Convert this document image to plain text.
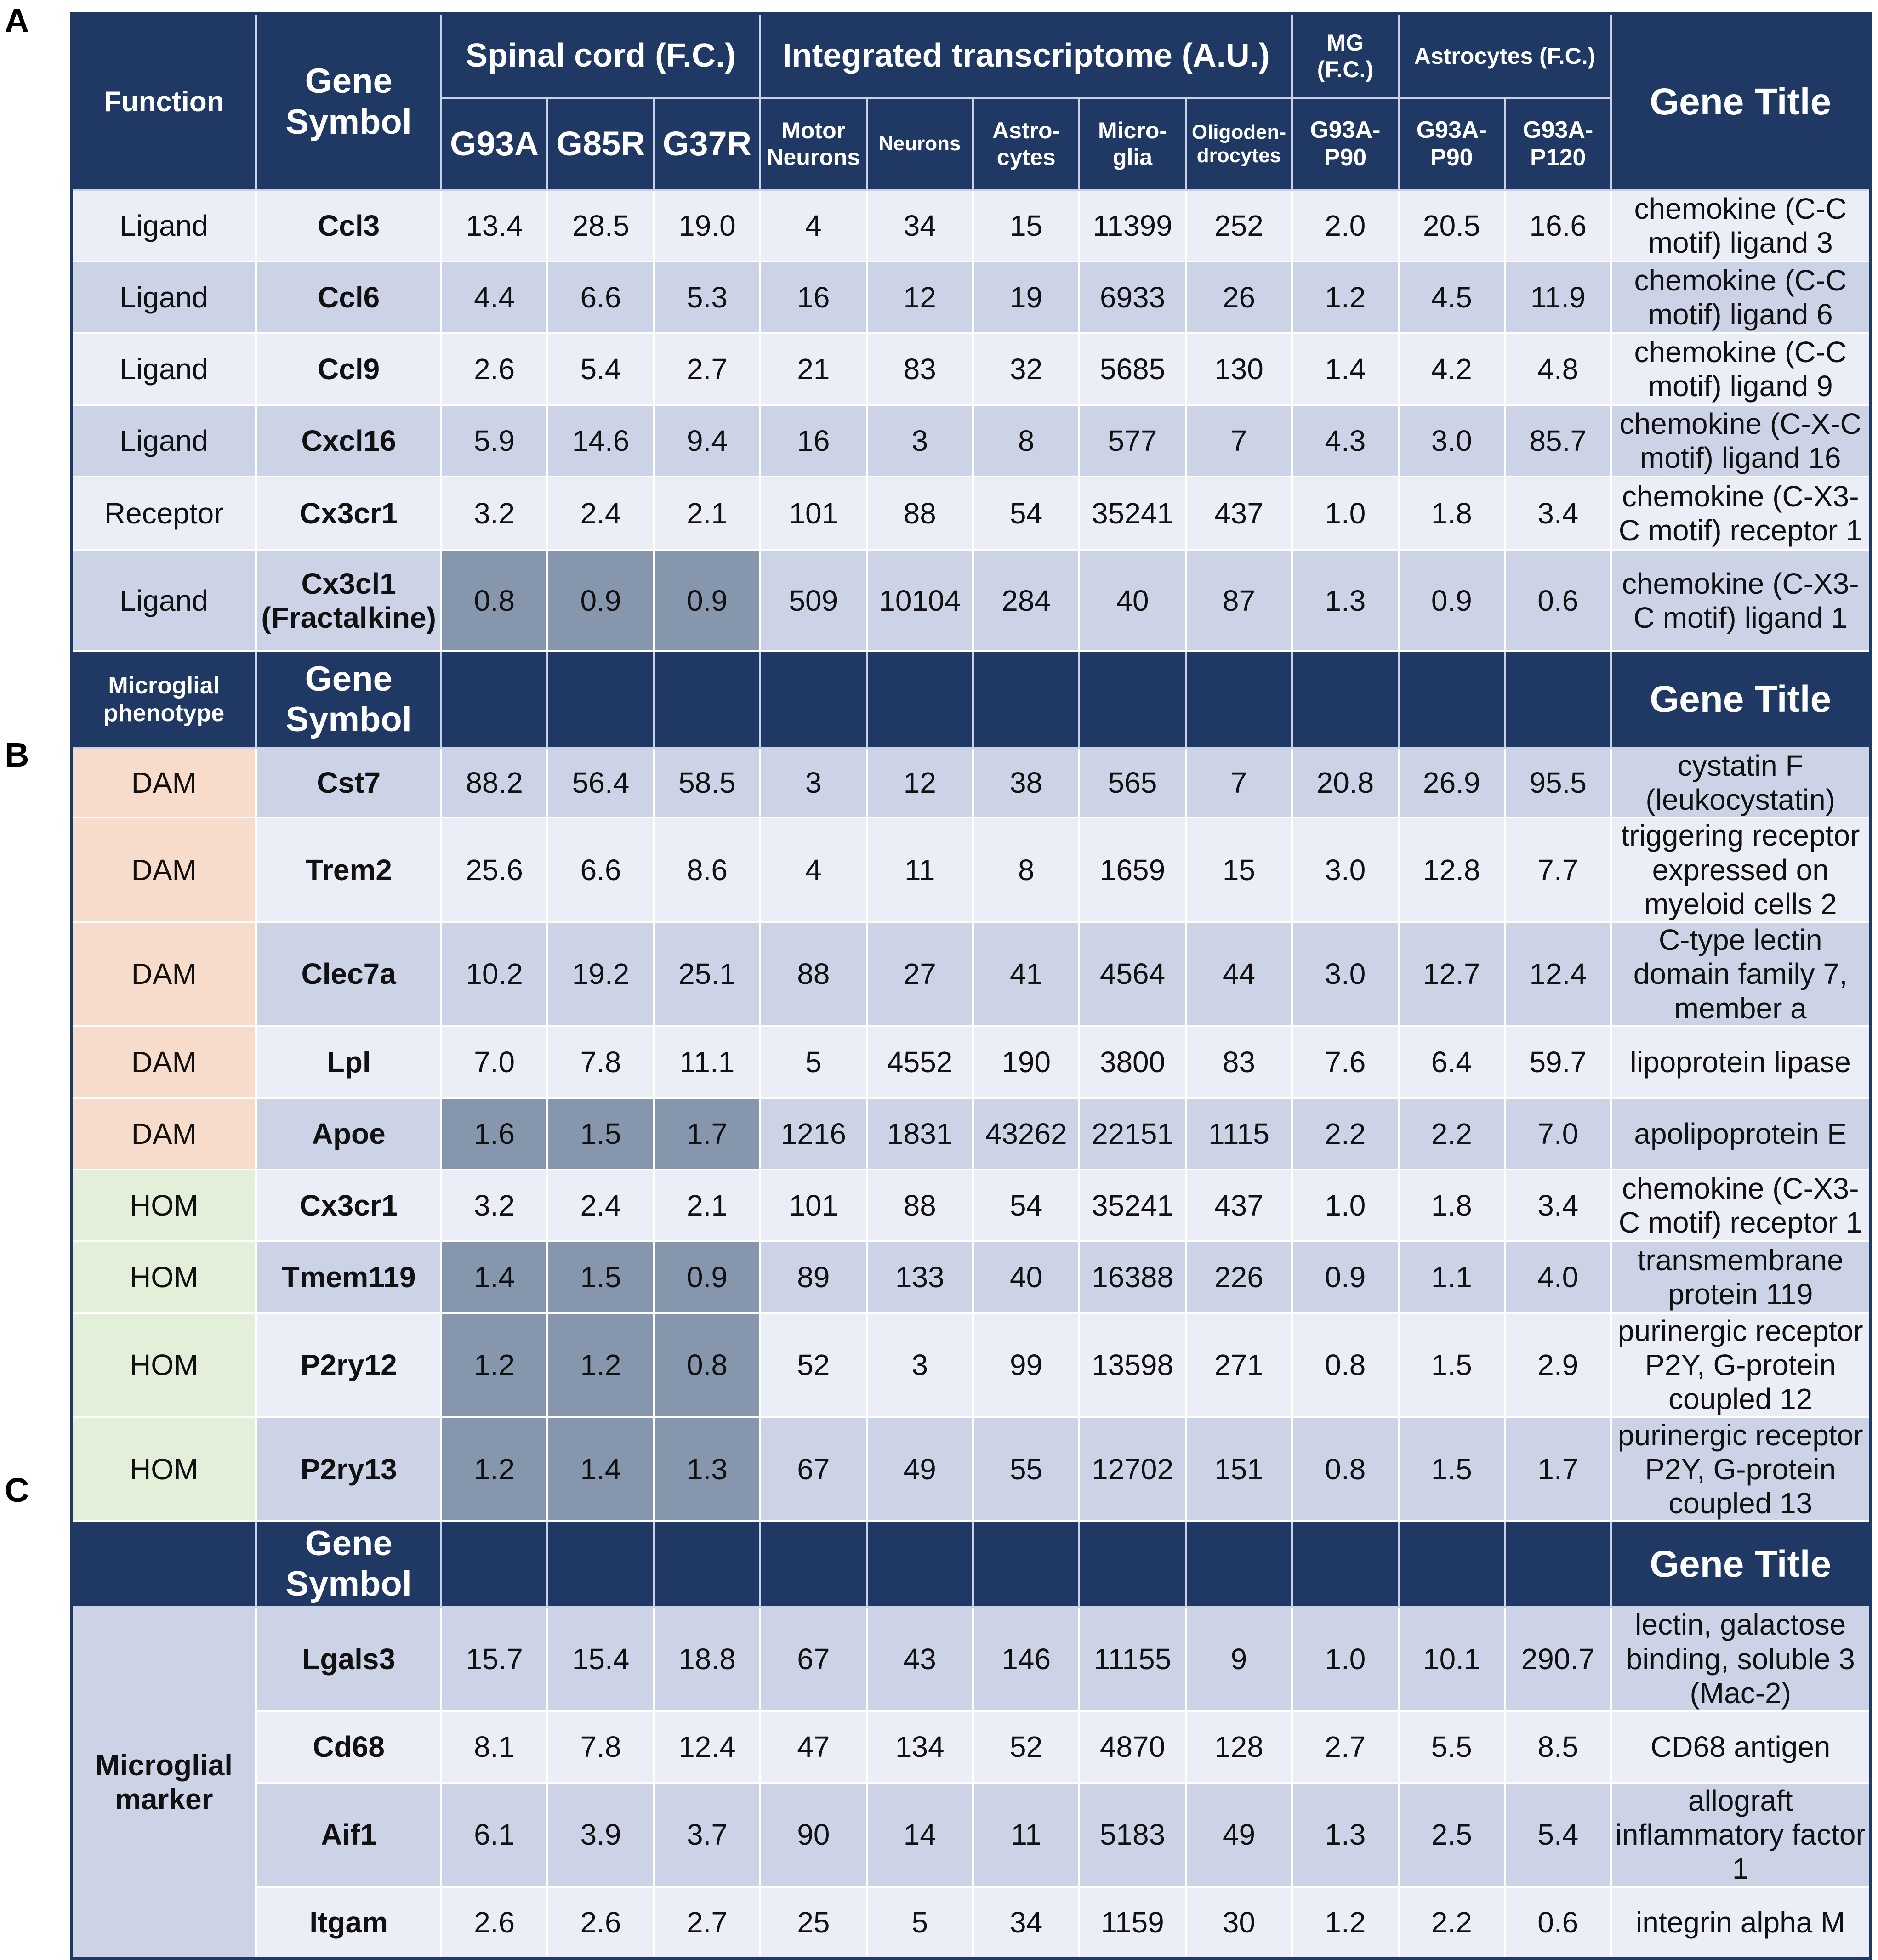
A
B
C
Function	Gene Symbol	Spinal cord (F.C.)			Integrated transcriptome (A.U.)					MG (F.C.)	Astrocytes (F.C.)		Gene Title
		G93A	G85R	G37R	Motor Neurons	Neurons	Astro-cytes	Micro-glia	Oligoden-drocytes	G93A-P90	G93A-P90	G93A-P120	
Ligand	Ccl3	13.4	28.5	19.0	4	34	15	11399	252	2.0	20.5	16.6	chemokine (C-C motif) ligand 3
Ligand	Ccl6	4.4	6.6	5.3	16	12	19	6933	26	1.2	4.5	11.9	chemokine (C-C motif) ligand 6
Ligand	Ccl9	2.6	5.4	2.7	21	83	32	5685	130	1.4	4.2	4.8	chemokine (C-C motif) ligand 9
Ligand	Cxcl16	5.9	14.6	9.4	16	3	8	577	7	4.3	3.0	85.7	chemokine (C-X-C motif) ligand 16
Receptor	Cx3cr1	3.2	2.4	2.1	101	88	54	35241	437	1.0	1.8	3.4	chemokine (C-X3-C motif) receptor 1
Ligand	Cx3cl1 (Fractalkine)	0.8	0.9	0.9	509	10104	284	40	87	1.3	0.9	0.6	chemokine (C-X3-C motif) ligand 1
Microglial phenotype	Gene Symbol												Gene Title
DAM	Cst7	88.2	56.4	58.5	3	12	38	565	7	20.8	26.9	95.5	cystatin F (leukocystatin)
DAM	Trem2	25.6	6.6	8.6	4	11	8	1659	15	3.0	12.8	7.7	triggering receptor expressed on myeloid cells 2
DAM	Clec7a	10.2	19.2	25.1	88	27	41	4564	44	3.0	12.7	12.4	C-type lectin domain family 7, member a
DAM	Lpl	7.0	7.8	11.1	5	4552	190	3800	83	7.6	6.4	59.7	lipoprotein lipase
DAM	Apoe	1.6	1.5	1.7	1216	1831	43262	22151	1115	2.2	2.2	7.0	apolipoprotein E
HOM	Cx3cr1	3.2	2.4	2.1	101	88	54	35241	437	1.0	1.8	3.4	chemokine (C-X3-C motif) receptor 1
HOM	Tmem119	1.4	1.5	0.9	89	133	40	16388	226	0.9	1.1	4.0	transmembrane protein 119
HOM	P2ry12	1.2	1.2	0.8	52	3	99	13598	271	0.8	1.5	2.9	purinergic receptor P2Y, G-protein coupled 12
HOM	P2ry13	1.2	1.4	1.3	67	49	55	12702	151	0.8	1.5	1.7	purinergic receptor P2Y, G-protein coupled 13
	Gene Symbol												Gene Title
Microglial marker	Lgals3	15.7	15.4	18.8	67	43	146	11155	9	1.0	10.1	290.7	lectin, galactose binding, soluble 3 (Mac-2)
	Cd68	8.1	7.8	12.4	47	134	52	4870	128	2.7	5.5	8.5	CD68 antigen
	Aif1	6.1	3.9	3.7	90	14	11	5183	49	1.3	2.5	5.4	allograft inflammatory factor 1
	Itgam	2.6	2.6	2.7	25	5	34	1159	30	1.2	2.2	0.6	integrin alpha M
